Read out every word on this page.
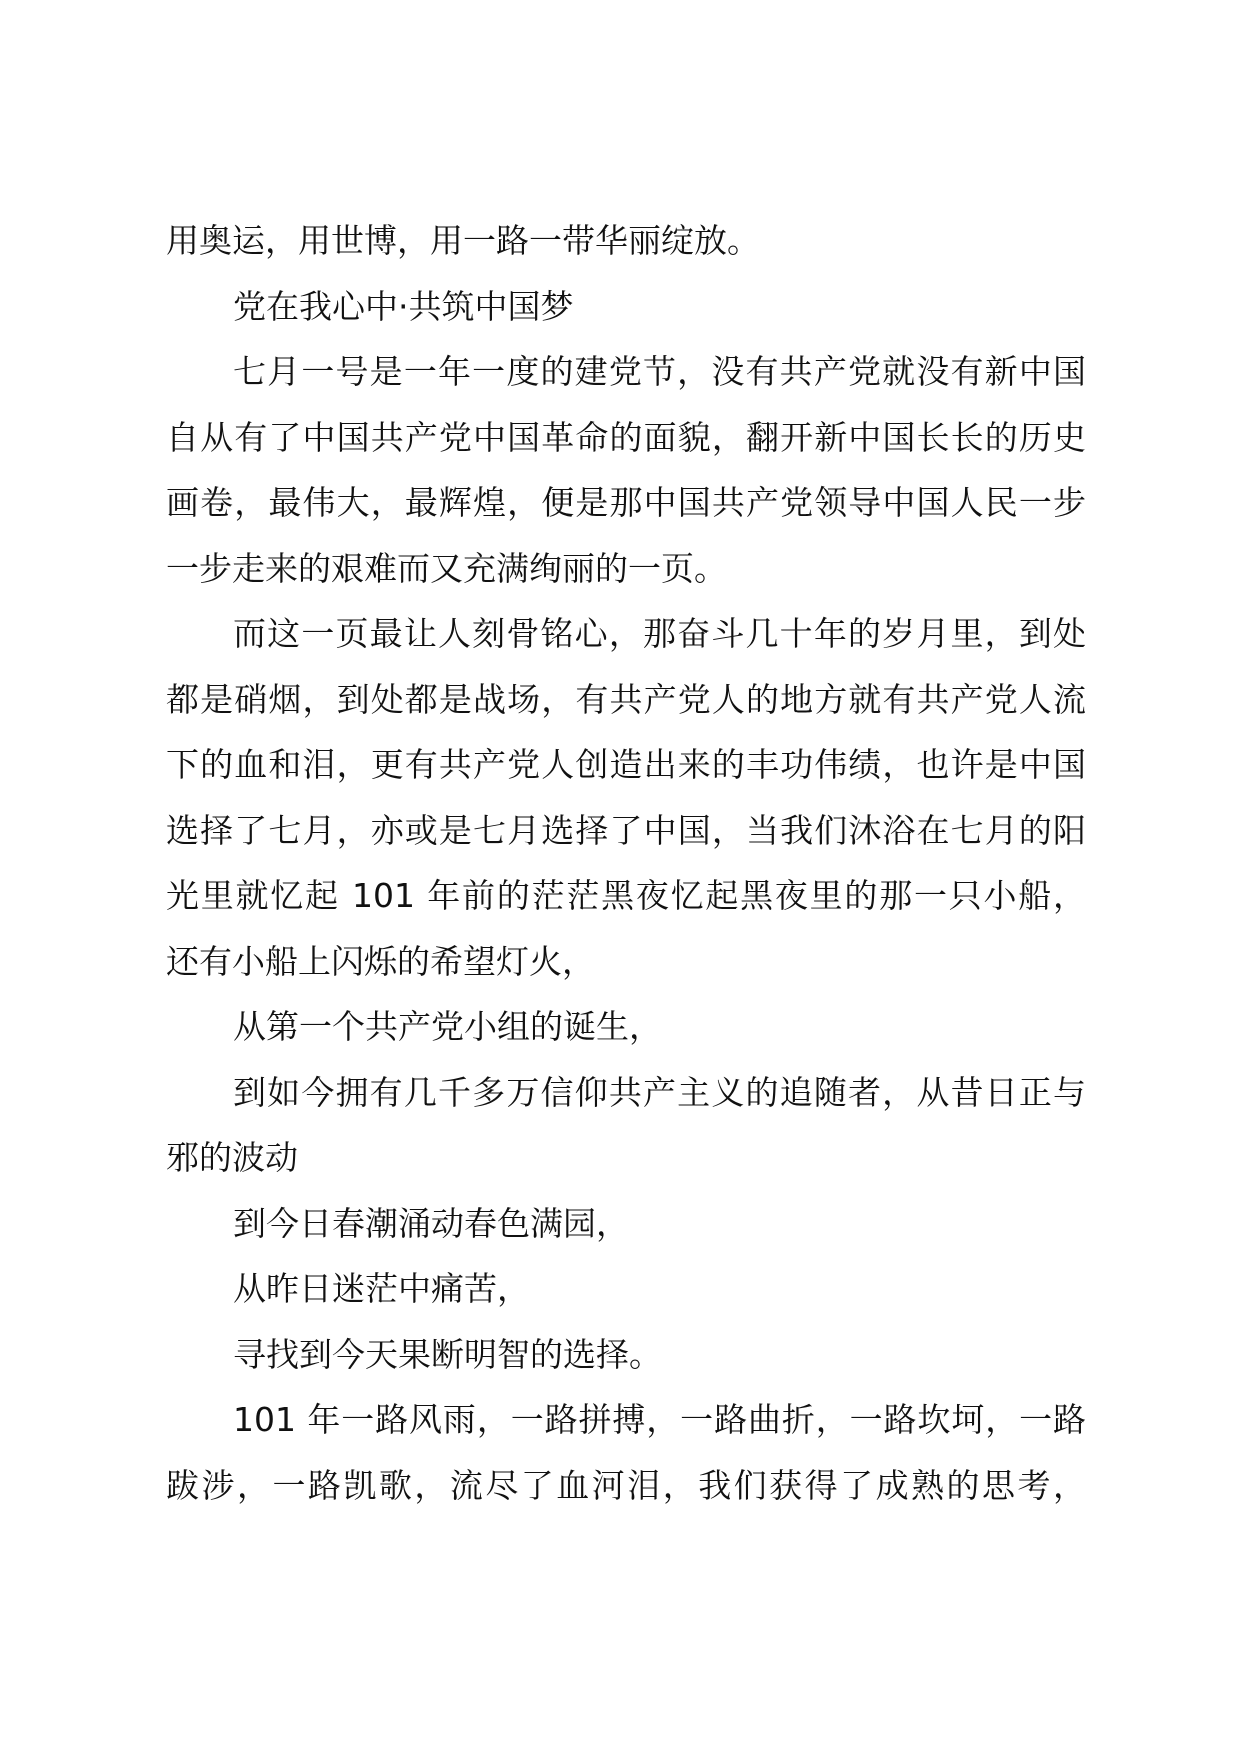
用奥运，用世博，用一路一带华丽绽放。
党在我心中·共筑中国梦
七月一号是一年一度的建党节，没有共产党就没有新中国
自从有了中国共产党中国革命的面貌，翻开新中国长长的历史
画卷，最伟大，最辉煌，便是那中国共产党领导中国人民一步
一步走来的艰难而又充满绚丽的一页。
而这一页最让人刻骨铭心，那奋斗几十年的岁月里，到处
都是硝烟，到处都是战场，有共产党人的地方就有共产党人流
下的血和泪，更有共产党人创造出来的丰功伟绩，也许是中国
选择了七月，亦或是七月选择了中国，当我们沐浴在七月的阳
光里就忆起 101 年前的茫茫黑夜忆起黑夜里的那一只小船，
还有小船上闪烁的希望灯火，
从第一个共产党小组的诞生，
到如今拥有几千多万信仰共产主义的追随者，从昔日正与
邪的波动
到今日春潮涌动春色满园，
从昨日迷茫中痛苦，
寻找到今天果断明智的选择。
101 年一路风雨，一路拼搏，一路曲折，一路坎坷，一路
跋涉，一路凯歌，流尽了血河泪，我们获得了成熟的思考，
